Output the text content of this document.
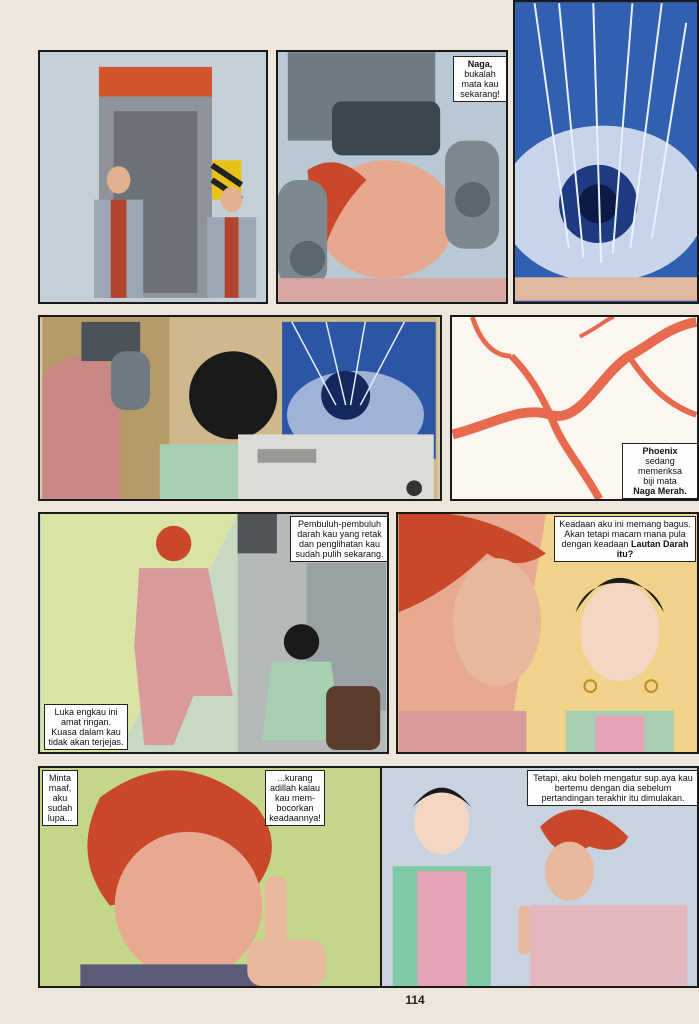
Naga,
bukalah
mata kau
sekarang!
Phoenix
sedang
memeriksa
biji mata
Naga Merah.
Pembuluh-pembuluh darah kau yang retak dan penglihatan kau sudah pulih sekarang.
Luka engkau ini amat ringan. Kuasa dalam kau tidak akan terjejas.
Keadaan aku ini memang bagus. Akan tetapi macam mana pula dengan keadaan Lautan Darah itu?
Minta maaf, aku sudah lupa...
...kurang adillah kalau kau mem-bocorkan keadaannya!
Tetapi, aku boleh mengatur sup.aya kau bertemu dengan dia sebelum pertandingan terakhir itu dimulakan.
114
